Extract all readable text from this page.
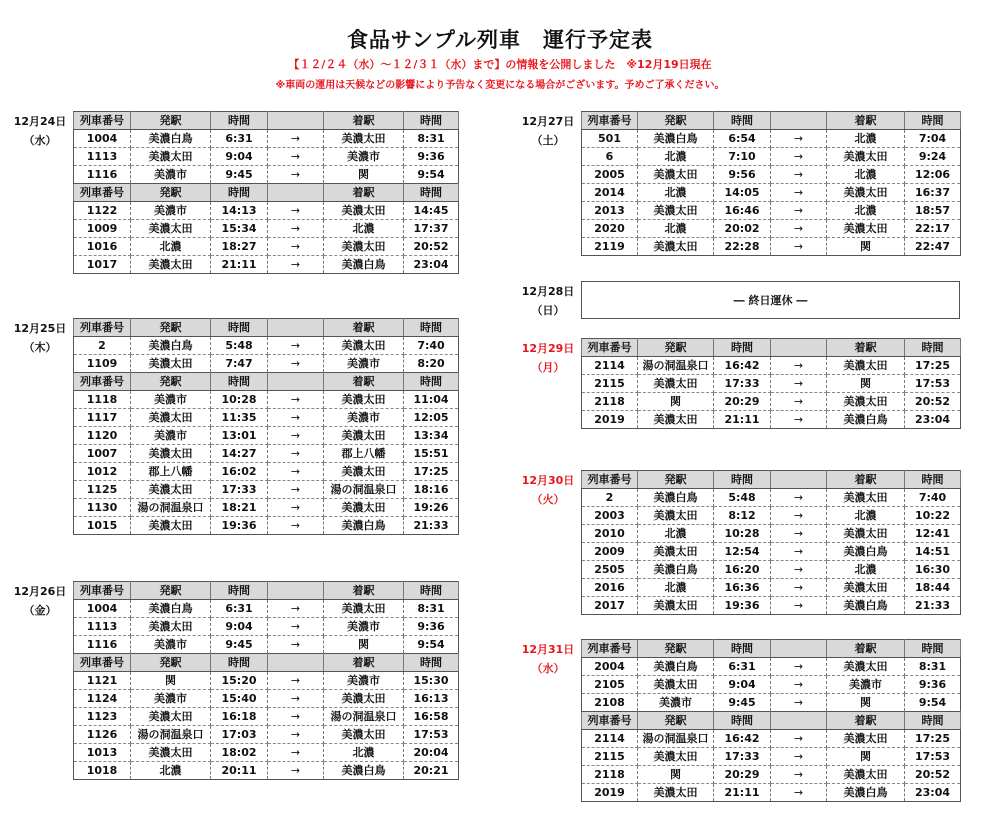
食品サンプル列車　運行予定表
【１２/２４（水）～１２/３１（水）まで】の情報を公開しました　※12月19日現在
※車両の運用は天候などの影響により予告なく変更になる場合がございます。予めご了承ください。
12月24日
（水）
列車番号	発駅	時間		着駅	時間
1004	美濃白鳥	6:31	→	美濃太田	8:31
1113	美濃太田	9:04	→	美濃市	9:36
1116	美濃市	9:45	→	関	9:54
列車番号	発駅	時間		着駅	時間
1122	美濃市	14:13	→	美濃太田	14:45
1009	美濃太田	15:34	→	北濃	17:37
1016	北濃	18:27	→	美濃太田	20:52
1017	美濃太田	21:11	→	美濃白鳥	23:04
12月25日
（木）
列車番号	発駅	時間		着駅	時間
2	美濃白鳥	5:48	→	美濃太田	7:40
1109	美濃太田	7:47	→	美濃市	8:20
列車番号	発駅	時間		着駅	時間
1118	美濃市	10:28	→	美濃太田	11:04
1117	美濃太田	11:35	→	美濃市	12:05
1120	美濃市	13:01	→	美濃太田	13:34
1007	美濃太田	14:27	→	郡上八幡	15:51
1012	郡上八幡	16:02	→	美濃太田	17:25
1125	美濃太田	17:33	→	湯の洞温泉口	18:16
1130	湯の洞温泉口	18:21	→	美濃太田	19:26
1015	美濃太田	19:36	→	美濃白鳥	21:33
12月26日
（金）
列車番号	発駅	時間		着駅	時間
1004	美濃白鳥	6:31	→	美濃太田	8:31
1113	美濃太田	9:04	→	美濃市	9:36
1116	美濃市	9:45	→	関	9:54
列車番号	発駅	時間		着駅	時間
1121	関	15:20	→	美濃市	15:30
1124	美濃市	15:40	→	美濃太田	16:13
1123	美濃太田	16:18	→	湯の洞温泉口	16:58
1126	湯の洞温泉口	17:03	→	美濃太田	17:53
1013	美濃太田	18:02	→	北濃	20:04
1018	北濃	20:11	→	美濃白鳥	20:21
12月27日
（土）
列車番号	発駅	時間		着駅	時間
501	美濃白鳥	6:54	→	北濃	7:04
6	北濃	7:10	→	美濃太田	9:24
2005	美濃太田	9:56	→	北濃	12:06
2014	北濃	14:05	→	美濃太田	16:37
2013	美濃太田	16:46	→	北濃	18:57
2020	北濃	20:02	→	美濃太田	22:17
2119	美濃太田	22:28	→	関	22:47
12月28日
（日）
― 終日運休 ―
12月29日
（月）
列車番号	発駅	時間		着駅	時間
2114	湯の洞温泉口	16:42	→	美濃太田	17:25
2115	美濃太田	17:33	→	関	17:53
2118	関	20:29	→	美濃太田	20:52
2019	美濃太田	21:11	→	美濃白鳥	23:04
12月30日
（火）
列車番号	発駅	時間		着駅	時間
2	美濃白鳥	5:48	→	美濃太田	7:40
2003	美濃太田	8:12	→	北濃	10:22
2010	北濃	10:28	→	美濃太田	12:41
2009	美濃太田	12:54	→	美濃白鳥	14:51
2505	美濃白鳥	16:20	→	北濃	16:30
2016	北濃	16:36	→	美濃太田	18:44
2017	美濃太田	19:36	→	美濃白鳥	21:33
12月31日
（水）
列車番号	発駅	時間		着駅	時間
2004	美濃白鳥	6:31	→	美濃太田	8:31
2105	美濃太田	9:04	→	美濃市	9:36
2108	美濃市	9:45	→	関	9:54
列車番号	発駅	時間		着駅	時間
2114	湯の洞温泉口	16:42	→	美濃太田	17:25
2115	美濃太田	17:33	→	関	17:53
2118	関	20:29	→	美濃太田	20:52
2019	美濃太田	21:11	→	美濃白鳥	23:04
